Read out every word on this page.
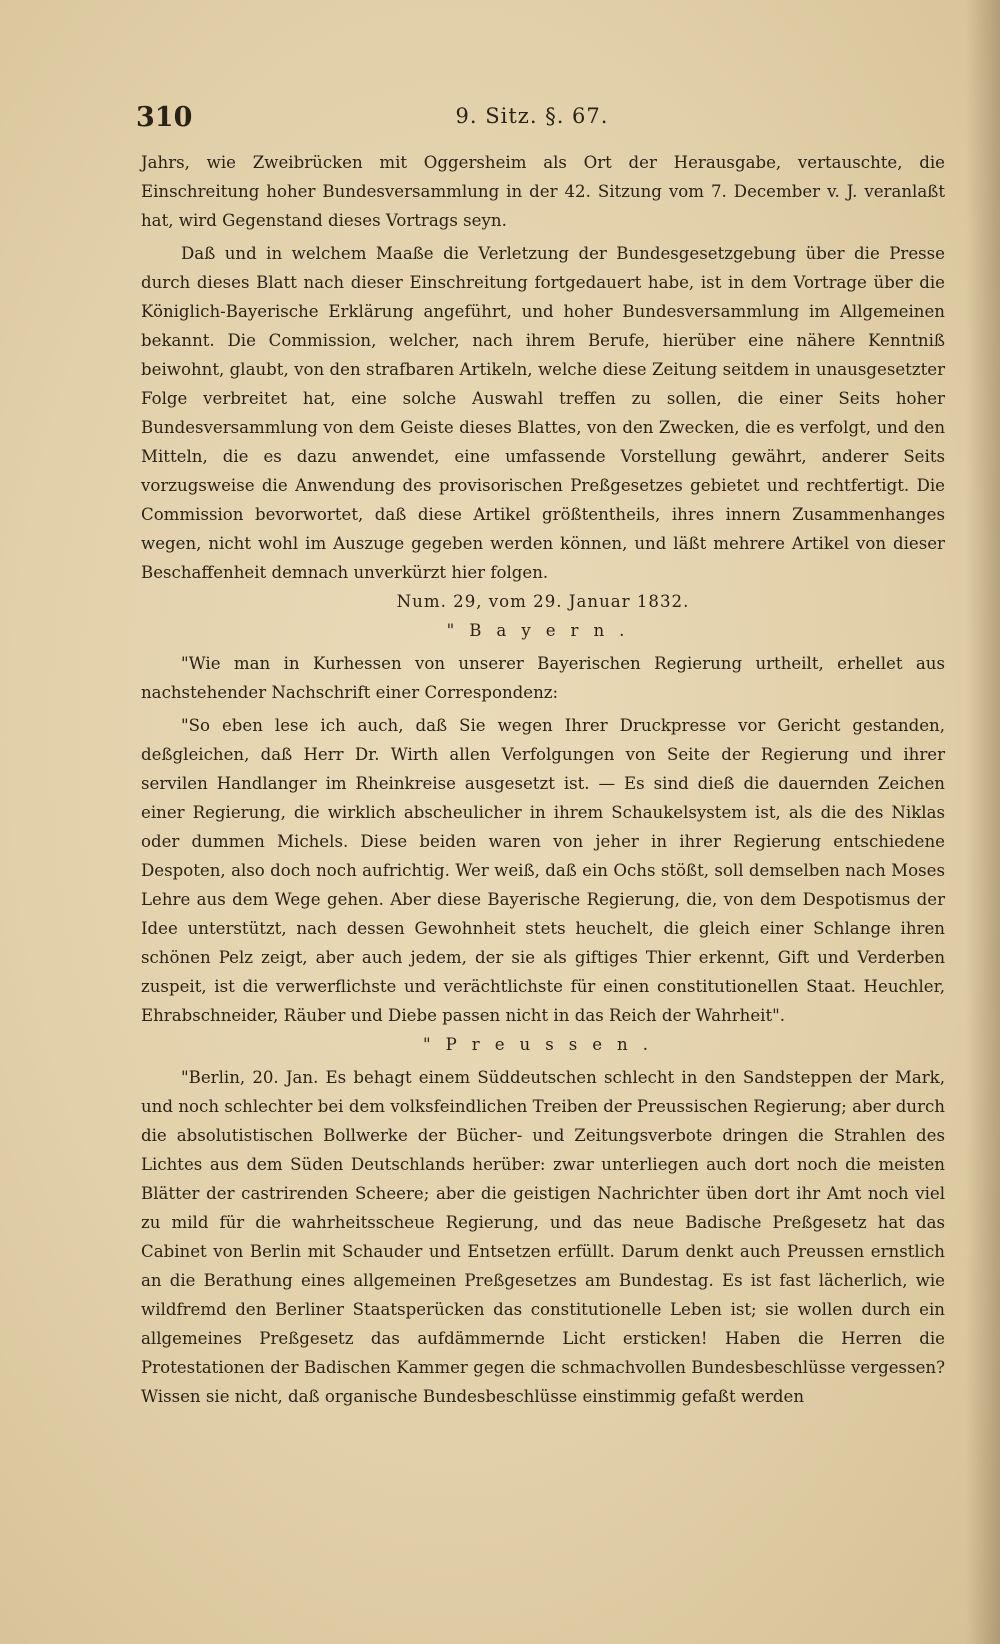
310	9. Sitz. §. 67.

Jahrs, wie Zweibrücken mit Oggersheim als Ort der Herausgabe, vertauschte, die Einschreitung hoher Bundesversammlung in der 42. Sitzung vom 7. December v. J. veranlaßt hat, wird Gegenstand dieses Vortrags seyn.

Daß und in welchem Maaße die Verletzung der Bundesgesetzgebung über die Presse durch dieses Blatt nach dieser Einschreitung fortgedauert habe, ist in dem Vortrage über die Königlich-Bayerische Erklärung angeführt, und hoher Bundesversammlung im Allgemeinen bekannt. Die Commission, welcher, nach ihrem Berufe, hierüber eine nähere Kenntniß beiwohnt, glaubt, von den strafbaren Artikeln, welche diese Zeitung seitdem in unausgesetzter Folge verbreitet hat, eine solche Auswahl treffen zu sollen, die einer Seits hoher Bundesversammlung von dem Geiste dieses Blattes, von den Zwecken, die es verfolgt, und den Mitteln, die es dazu anwendet, eine umfassende Vorstellung gewährt, anderer Seits vorzugsweise die Anwendung des provisorischen Preßgesetzes gebietet und rechtfertigt. Die Commission bevorwortet, daß diese Artikel größtentheils, ihres innern Zusammenhanges wegen, nicht wohl im Auszuge gegeben werden können, und läßt mehrere Artikel von dieser Beschaffenheit demnach unverkürzt hier folgen.

Num. 29, vom 29. Januar 1832.

"Bayern.

"Wie man in Kurhessen von unserer Bayerischen Regierung urtheilt, erhellet aus nachstehender Nachschrift einer Correspondenz:

"So eben lese ich auch, daß Sie wegen Ihrer Druckpresse vor Gericht gestanden, deßgleichen, daß Herr Dr. Wirth allen Verfolgungen von Seite der Regierung und ihrer servilen Handlanger im Rheinkreise ausgesetzt ist. — Es sind dieß die dauernden Zeichen einer Regierung, die wirklich abscheulicher in ihrem Schaukelsystem ist, als die des Niklas oder dummen Michels. Diese beiden waren von jeher in ihrer Regierung entschiedene Despoten, also doch noch aufrichtig. Wer weiß, daß ein Ochs stößt, soll demselben nach Moses Lehre aus dem Wege gehen. Aber diese Bayerische Regierung, die, von dem Despotismus der Idee unterstützt, nach dessen Gewohnheit stets heuchelt, die gleich einer Schlange ihren schönen Pelz zeigt, aber auch jedem, der sie als giftiges Thier erkennt, Gift und Verderben zuspeit, ist die verwerflichste und verächtlichste für einen constitutionellen Staat. Heuchler, Ehrabschneider, Räuber und Diebe passen nicht in das Reich der Wahrheit".

"Preussen.

"Berlin, 20. Jan. Es behagt einem Süddeutschen schlecht in den Sandsteppen der Mark, und noch schlechter bei dem volksfeindlichen Treiben der Preussischen Regierung; aber durch die absolutistischen Bollwerke der Bücher- und Zeitungsverbote dringen die Strahlen des Lichtes aus dem Süden Deutschlands herüber: zwar unterliegen auch dort noch die meisten Blätter der castrirenden Scheere; aber die geistigen Nachrichter üben dort ihr Amt noch viel zu mild für die wahrheitsscheue Regierung, und das neue Badische Preßgesetz hat das Cabinet von Berlin mit Schauder und Entsetzen erfüllt. Darum denkt auch Preussen ernstlich an die Berathung eines allgemeinen Preßgesetzes am Bundestag. Es ist fast lächerlich, wie wildfremd den Berliner Staatsperücken das constitutionelle Leben ist; sie wollen durch ein allgemeines Preßgesetz das aufdämmernde Licht ersticken! Haben die Herren die Protestationen der Badischen Kammer gegen die schmachvollen Bundesbeschlüsse vergessen? Wissen sie nicht, daß organische Bundesbeschlüsse einstimmig gefaßt werden
